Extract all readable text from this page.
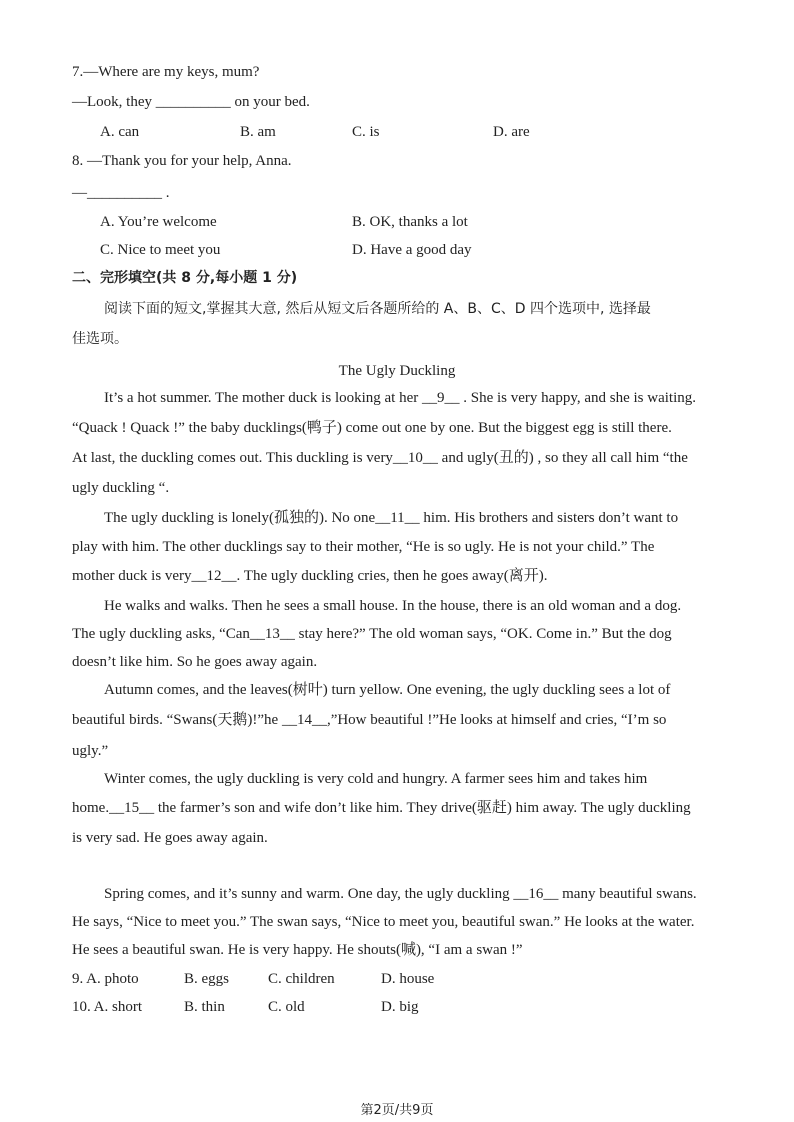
7.—Where are my keys, mum?
—Look, they __________ on your bed.
A. can	B. am	C. is	D. are
8. —Thank you for your help, Anna.
—__________ .
A. You’re welcome	B. OK, thanks a lot
C. Nice to meet you	D. Have a good day
二、完形填空(共 8 分,每小题 1 分)
阅读下面的短文,掌握其大意, 然后从短文后各题所给的 A、B、C、D 四个选项中, 选择最
佳选项。
The Ugly Duckling
It’s a hot summer. The mother duck is looking at her __9__ . She is very happy, and she is waiting.
“Quack ! Quack !” the baby ducklings(鸭子) come out one by one. But the biggest egg is still there.
At last, the duckling comes out. This duckling is very__10__ and ugly(丑的) , so they all call him “the
ugly duckling “.
The ugly duckling is lonely(孤独的). No one__11__ him. His brothers and sisters don’t want to
play with him. The other ducklings say to their mother, “He is so ugly. He is not your child.” The
mother duck is very__12__. The ugly duckling cries, then he goes away(离开).
He walks and walks. Then he sees a small house. In the house, there is an old woman and a dog.
The ugly duckling asks, “Can__13__ stay here?” The old woman says, “OK. Come in.” But the dog
doesn’t like him. So he goes away again.
Autumn comes, and the leaves(树叶) turn yellow. One evening, the ugly duckling sees a lot of
beautiful birds. “Swans(天鹅)!”he __14__,”How beautiful !”He looks at himself and cries, “I’m so
ugly.”
Winter comes, the ugly duckling is very cold and hungry. A farmer sees him and takes him
home.__15__ the farmer’s son and wife don’t like him. They drive(驱赶) him away. The ugly duckling
is very sad. He goes away again.
Spring comes, and it’s sunny and warm. One day, the ugly duckling __16__ many beautiful swans.
He says, “Nice to meet you.” The swan says, “Nice to meet you, beautiful swan.” He looks at the water.
He sees a beautiful swan. He is very happy. He shouts(喊), “I am a swan !”
9. A. photo	B. eggs	C. children	D. house
10. A. short	B. thin	C. old	D. big
第2页/共9页
